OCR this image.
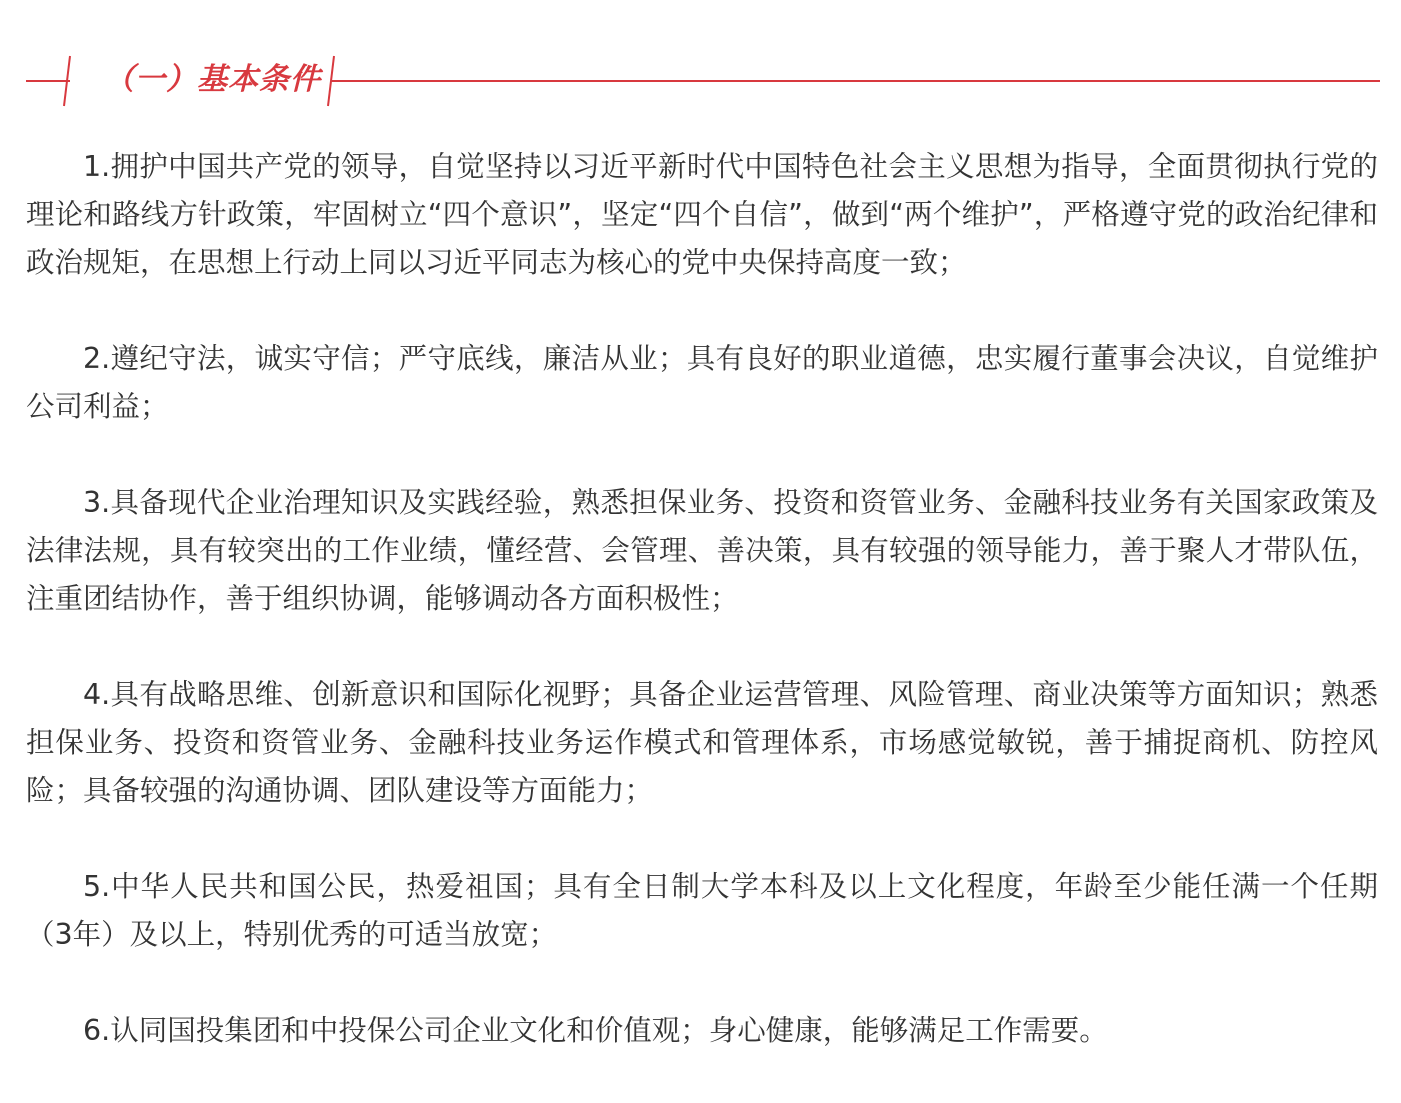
（一）基本条件

1.拥护中国共产党的领导，自觉坚持以习近平新时代中国特色社会主义思想为指导，全面贯彻执行党的理论和路线方针政策，牢固树立“四个意识”，坚定“四个自信”，做到“两个维护”，严格遵守党的政治纪律和政治规矩，在思想上行动上同以习近平同志为核心的党中央保持高度一致；

2.遵纪守法，诚实守信；严守底线，廉洁从业；具有良好的职业道德，忠实履行董事会决议，自觉维护公司利益；

3.具备现代企业治理知识及实践经验，熟悉担保业务、投资和资管业务、金融科技业务有关国家政策及法律法规，具有较突出的工作业绩，懂经营、会管理、善决策，具有较强的领导能力，善于聚人才带队伍，注重团结协作，善于组织协调，能够调动各方面积极性；

4.具有战略思维、创新意识和国际化视野；具备企业运营管理、风险管理、商业决策等方面知识；熟悉担保业务、投资和资管业务、金融科技业务运作模式和管理体系，市场感觉敏锐，善于捕捉商机、防控风险；具备较强的沟通协调、团队建设等方面能力；

5.中华人民共和国公民，热爱祖国；具有全日制大学本科及以上文化程度，年龄至少能任满一个任期（3年）及以上，特别优秀的可适当放宽；

6.认同国投集团和中投保公司企业文化和价值观；身心健康，能够满足工作需要。
